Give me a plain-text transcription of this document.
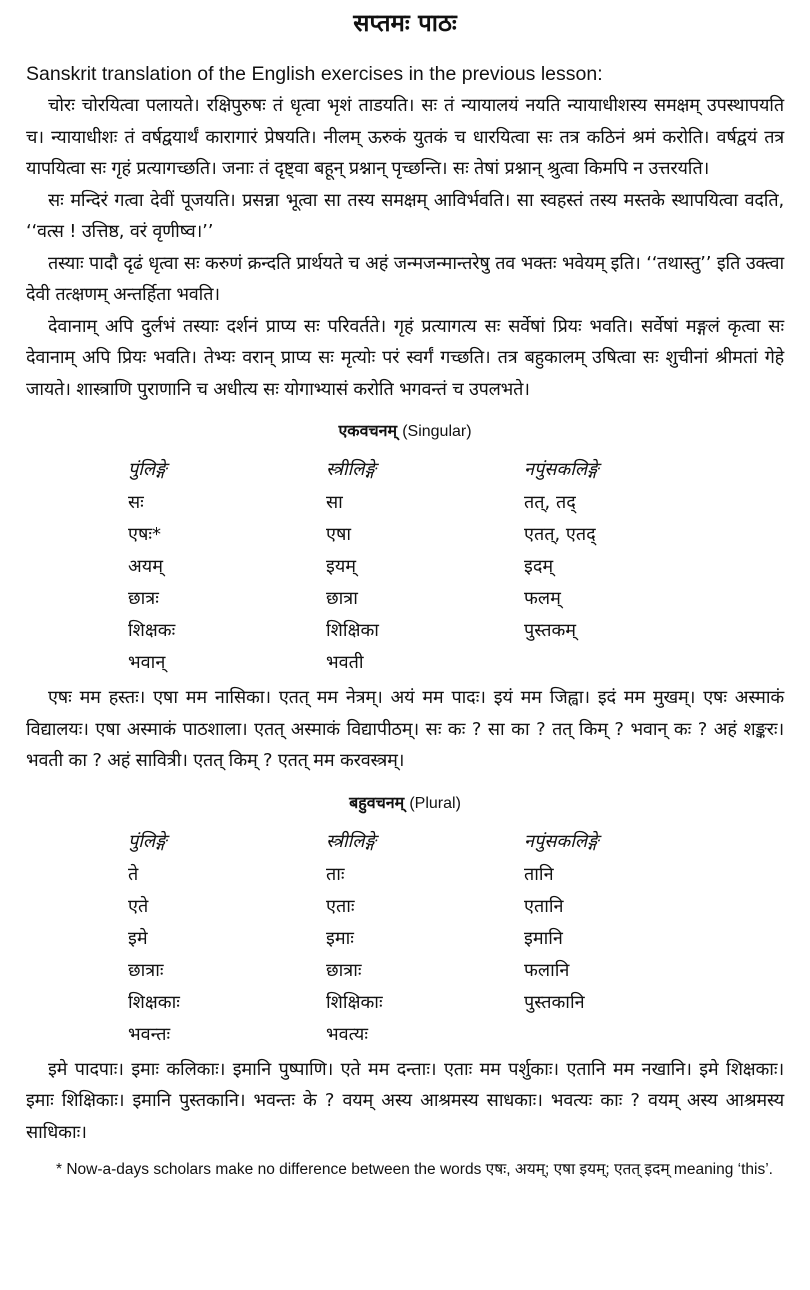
सप्तमः पाठः

Sanskrit translation of the English exercises in the previous lesson:

चोरः चोरयित्वा पलायते। रक्षिपुरुषः तं धृत्वा भृशं ताडयति। सः तं न्यायालयं नयति न्यायाधीशस्य समक्षम् उपस्थापयति च। न्यायाधीशः तं वर्षद्वयार्थं कारागारं प्रेषयति। नीलम् ऊरुकं युतकं च धारयित्वा सः तत्र कठिनं श्रमं करोति। वर्षद्वयं तत्र यापयित्वा सः गृहं प्रत्यागच्छति। जनाः तं दृष्ट्वा बहून् प्रश्नान् पृच्छन्ति। सः तेषां प्रश्नान् श्रुत्वा किमपि न उत्तरयति।

सः मन्दिरं गत्वा देवीं पूजयति। प्रसन्ना भूत्वा सा तस्य समक्षम् आविर्भवति। सा स्वहस्तं तस्य मस्तके स्थापयित्वा वदति, ‘‘वत्स ! उत्तिष्ठ, वरं वृणीष्व।’’

तस्याः पादौ दृढं धृत्वा सः करुणं क्रन्दति प्रार्थयते च अहं जन्मजन्मान्तरेषु तव भक्तः भवेयम् इति। ‘‘तथास्तु’’ इति उक्त्वा देवी तत्क्षणम् अन्तर्हिता भवति।

देवानाम् अपि दुर्लभं तस्याः दर्शनं प्राप्य सः परिवर्तते। गृहं प्रत्यागत्य सः सर्वेषां प्रियः भवति। सर्वेषां मङ्गलं कृत्वा सः देवानाम् अपि प्रियः भवति। तेभ्यः वरान् प्राप्य सः मृत्योः परं स्वर्गं गच्छति। तत्र बहुकालम् उषित्वा सः शुचीनां श्रीमतां गेहे जायते। शास्त्राणि पुराणानि च अधीत्य सः योगाभ्यासं करोति भगवन्तं च उपलभते।

एकवचनम् (Singular)
पुंलिङ्गे	स्त्रीलिङ्गे	नपुंसकलिङ्गे
सः	सा	तत्, तद्
एषः*	एषा	एतत्, एतद्
अयम्	इयम्	इदम्
छात्रः	छात्रा	फलम्
शिक्षकः	शिक्षिका	पुस्तकम्
भवान्	भवती	

एषः मम हस्तः। एषा मम नासिका। एतत् मम नेत्रम्। अयं मम पादः। इयं मम जिह्वा। इदं मम मुखम्। एषः अस्माकं विद्यालयः। एषा अस्माकं पाठशाला। एतत् अस्माकं विद्यापीठम्। सः कः ? सा का ? तत् किम् ? भवान् कः ? अहं शङ्करः। भवती का ? अहं सावित्री। एतत् किम् ? एतत् मम करवस्त्रम्।

बहुवचनम् (Plural)
पुंलिङ्गे	स्त्रीलिङ्गे	नपुंसकलिङ्गे
ते	ताः	तानि
एते	एताः	एतानि
इमे	इमाः	इमानि
छात्राः	छात्राः	फलानि
शिक्षकाः	शिक्षिकाः	पुस्तकानि
भवन्तः	भवत्यः	

इमे पादपाः। इमाः कलिकाः। इमानि पुष्पाणि। एते मम दन्ताः। एताः मम पर्शुकाः। एतानि मम नखानि। इमे शिक्षकाः। इमाः शिक्षिकाः। इमानि पुस्तकानि। भवन्तः के ? वयम् अस्य आश्रमस्य साधकाः। भवत्यः काः ? वयम् अस्य आश्रमस्य साधिकाः।

* Now-a-days scholars make no difference between the words एषः, अयम्; एषा इयम्; एतत् इदम् meaning ‘this’.
